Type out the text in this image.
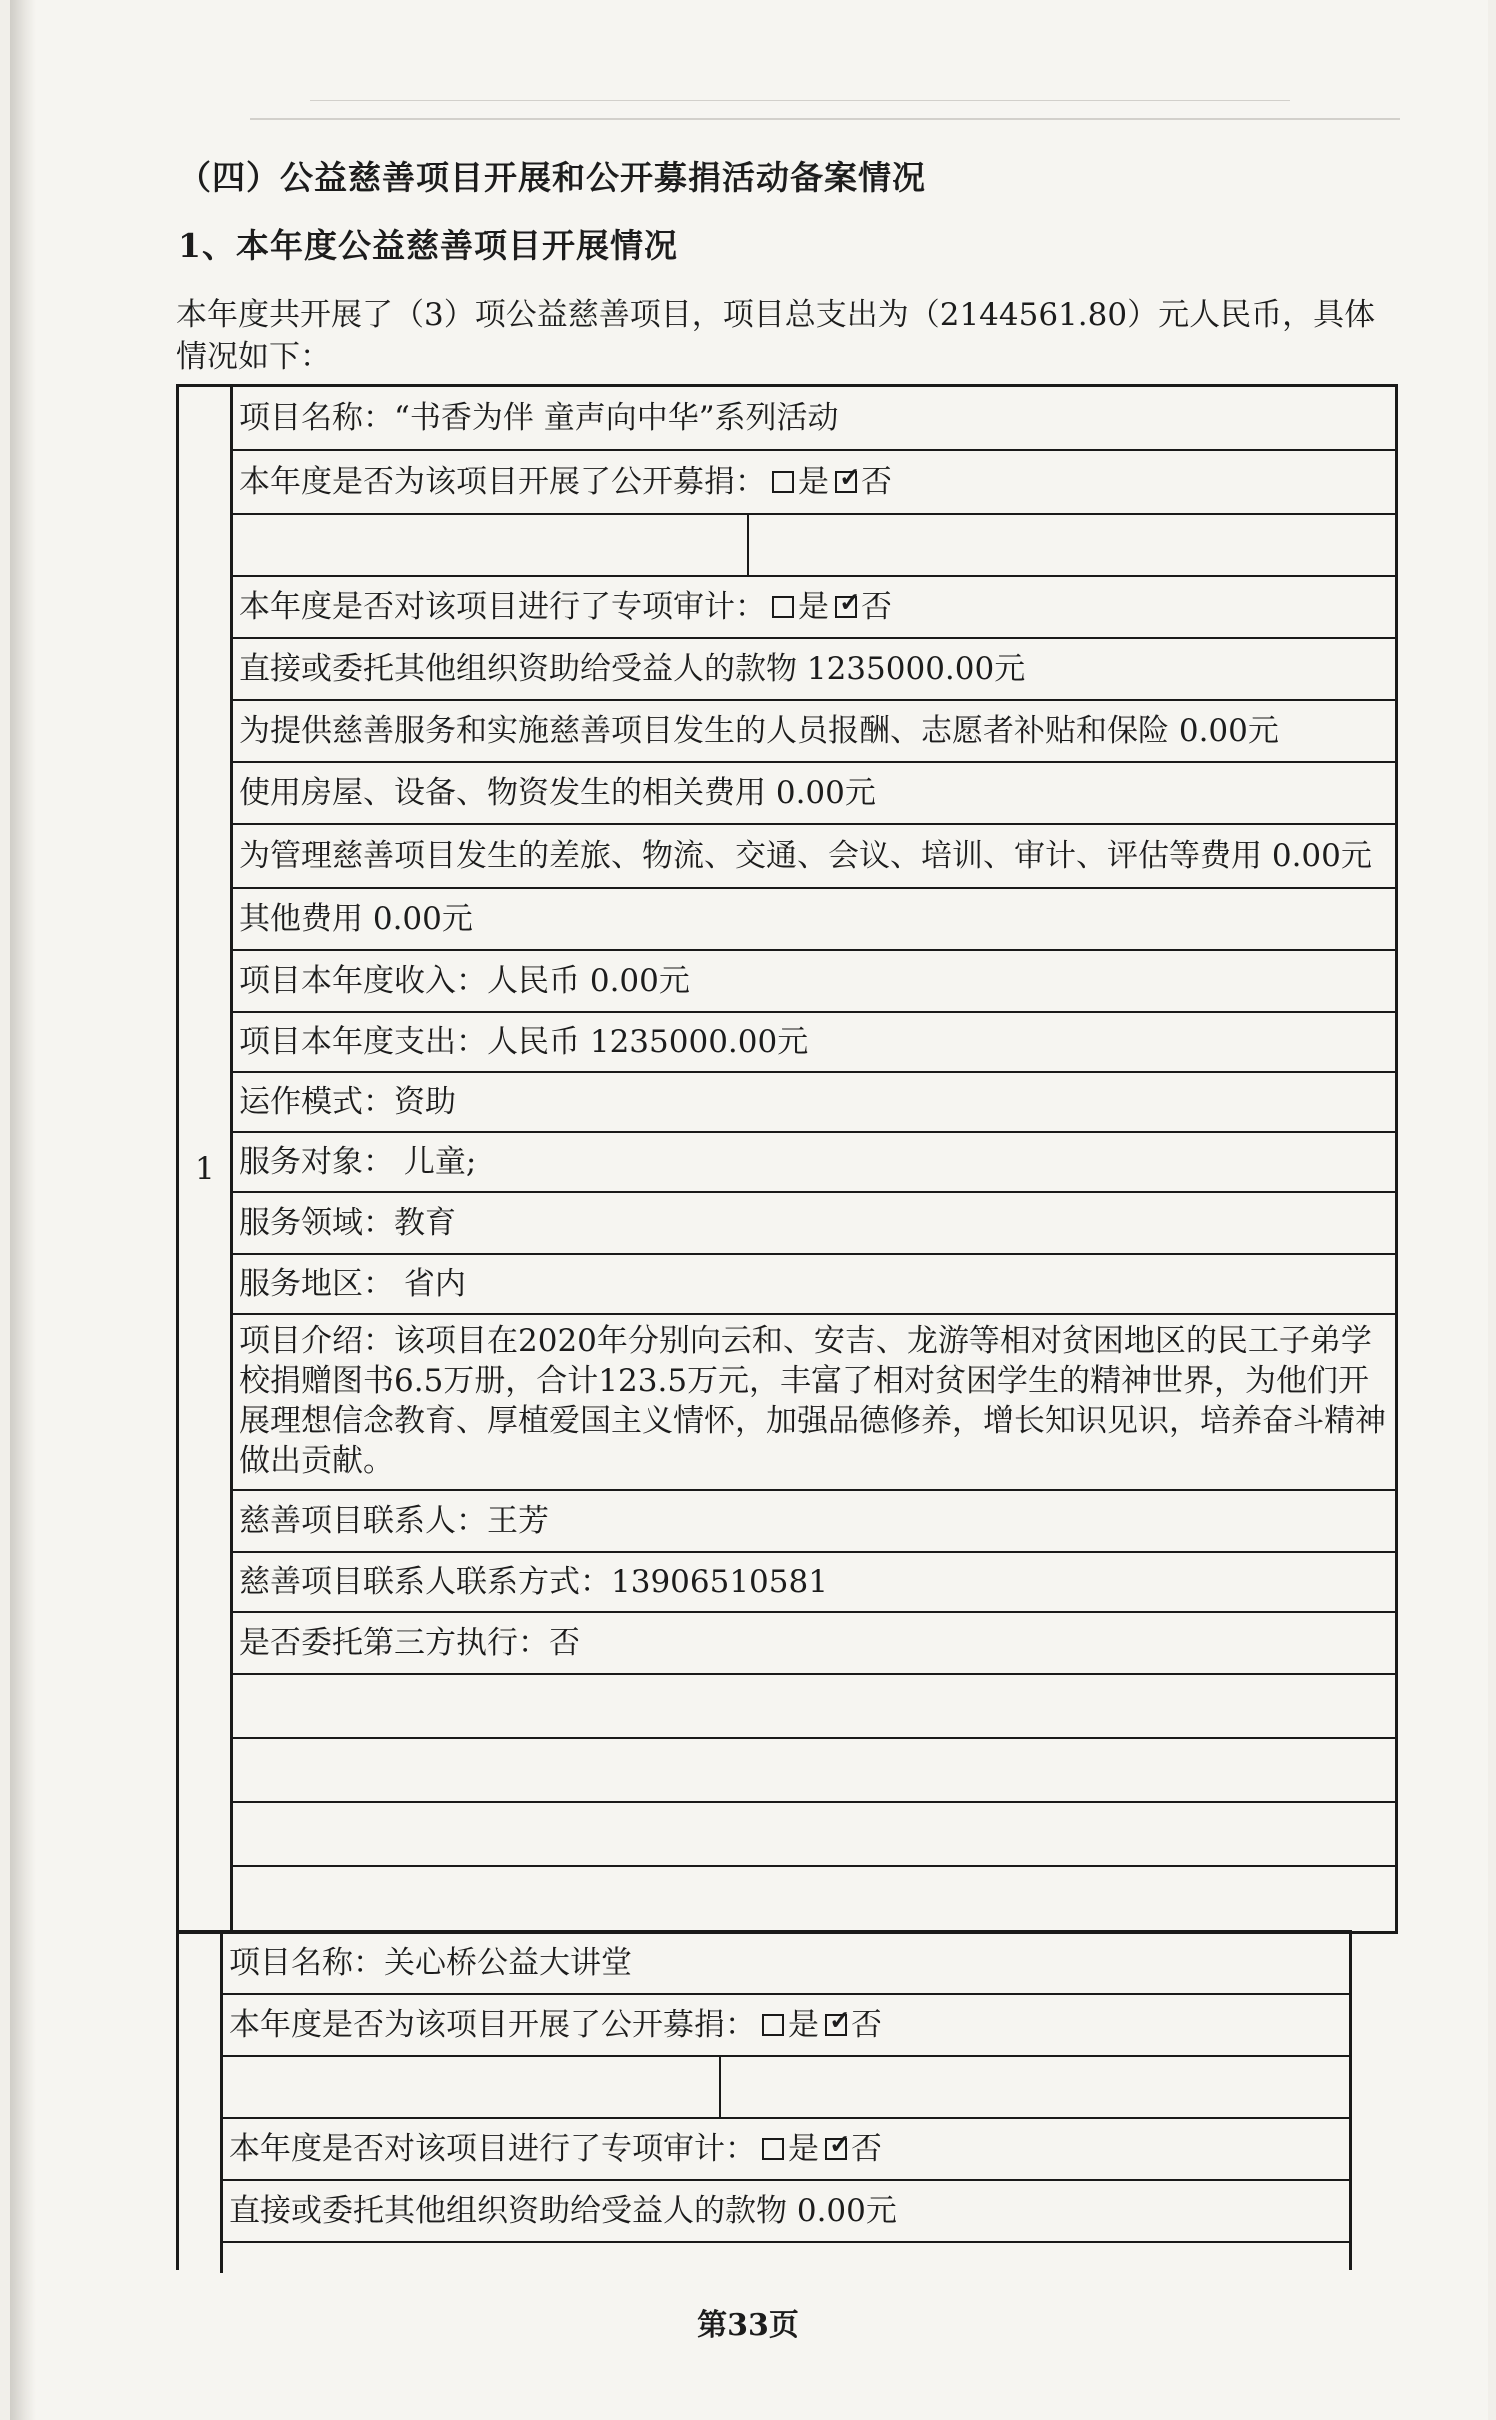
（四）公益慈善项目开展和公开募捐活动备案情况
1、本年度公益慈善项目开展情况

本年度共开展了（3）项公益慈善项目，项目总支出为（2144561.80）元人民币，具体情况如下：

1
项目名称：“书香为伴 童声向中华”系列活动
本年度是否为该项目开展了公开募捐： 是 ✓ 否
本年度是否对该项目进行了专项审计： 是 ✓ 否
直接或委托其他组织资助给受益人的款物 1235000.00元
为提供慈善服务和实施慈善项目发生的人员报酬、志愿者补贴和保险 0.00元
使用房屋、设备、物资发生的相关费用 0.00元
为管理慈善项目发生的差旅、物流、交通、会议、培训、审计、评估等费用 0.00元
其他费用 0.00元
项目本年度收入：人民币 0.00元
项目本年度支出：人民币 1235000.00元
运作模式：资助
服务对象： 儿童;
服务领域：教育
服务地区： 省内
项目介绍：该项目在2020年分别向云和、安吉、龙游等相对贫困地区的民工子弟学校捐赠图书6.5万册，合计123.5万元，丰富了相对贫困学生的精神世界，为他们开展理想信念教育、厚植爱国主义情怀，加强品德修养，增长知识见识，培养奋斗精神做出贡献。
慈善项目联系人：王芳
慈善项目联系人联系方式：13906510581
是否委托第三方执行：否
项目名称：关心桥公益大讲堂
本年度是否为该项目开展了公开募捐： 是 ✓ 否
本年度是否对该项目进行了专项审计： 是 ✓ 否
直接或委托其他组织资助给受益人的款物 0.00元
第33页
